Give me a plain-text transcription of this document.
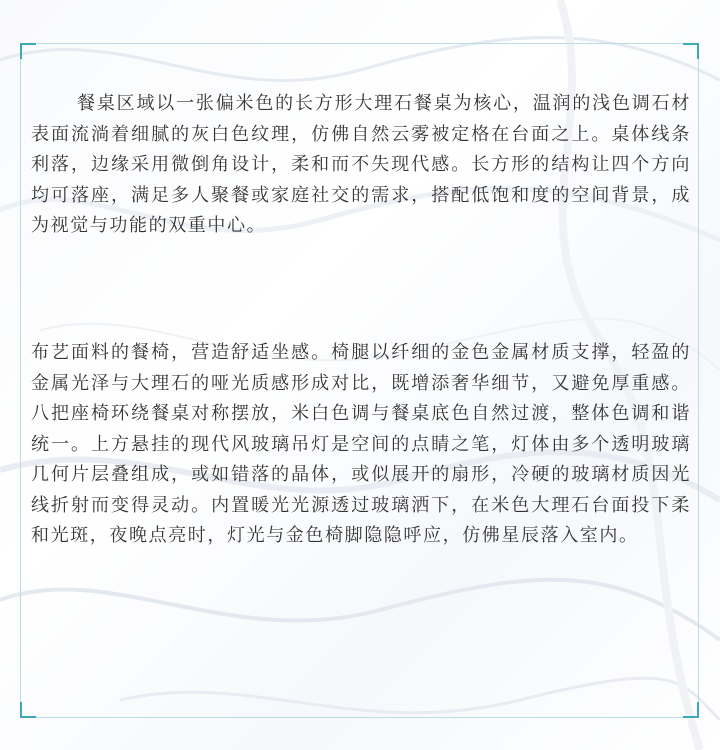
餐桌区域以一张偏米色的长方形大理石餐桌为核心，温润的浅色调石材表面流淌着细腻的灰白色纹理，仿佛自然云雾被定格在台面之上。桌体线条利落，边缘采用微倒角设计，柔和而不失现代感。长方形的结构让四个方向均可落座，满足多人聚餐或家庭社交的需求，搭配低饱和度的空间背景，成为视觉与功能的双重中心。

布艺面料的餐椅，营造舒适坐感。椅腿以纤细的金色金属材质支撑，轻盈的金属光泽与大理石的哑光质感形成对比，既增添奢华细节，又避免厚重感。八把座椅环绕餐桌对称摆放，米白色调与餐桌底色自然过渡，整体色调和谐统一。上方悬挂的现代风玻璃吊灯是空间的点睛之笔，灯体由多个透明玻璃几何片层叠组成，或如错落的晶体，或似展开的扇形，冷硬的玻璃材质因光线折射而变得灵动。内置暖光光源透过玻璃洒下，在米色大理石台面投下柔和光斑，夜晚点亮时，灯光与金色椅脚隐隐呼应，仿佛星辰落入室内。
